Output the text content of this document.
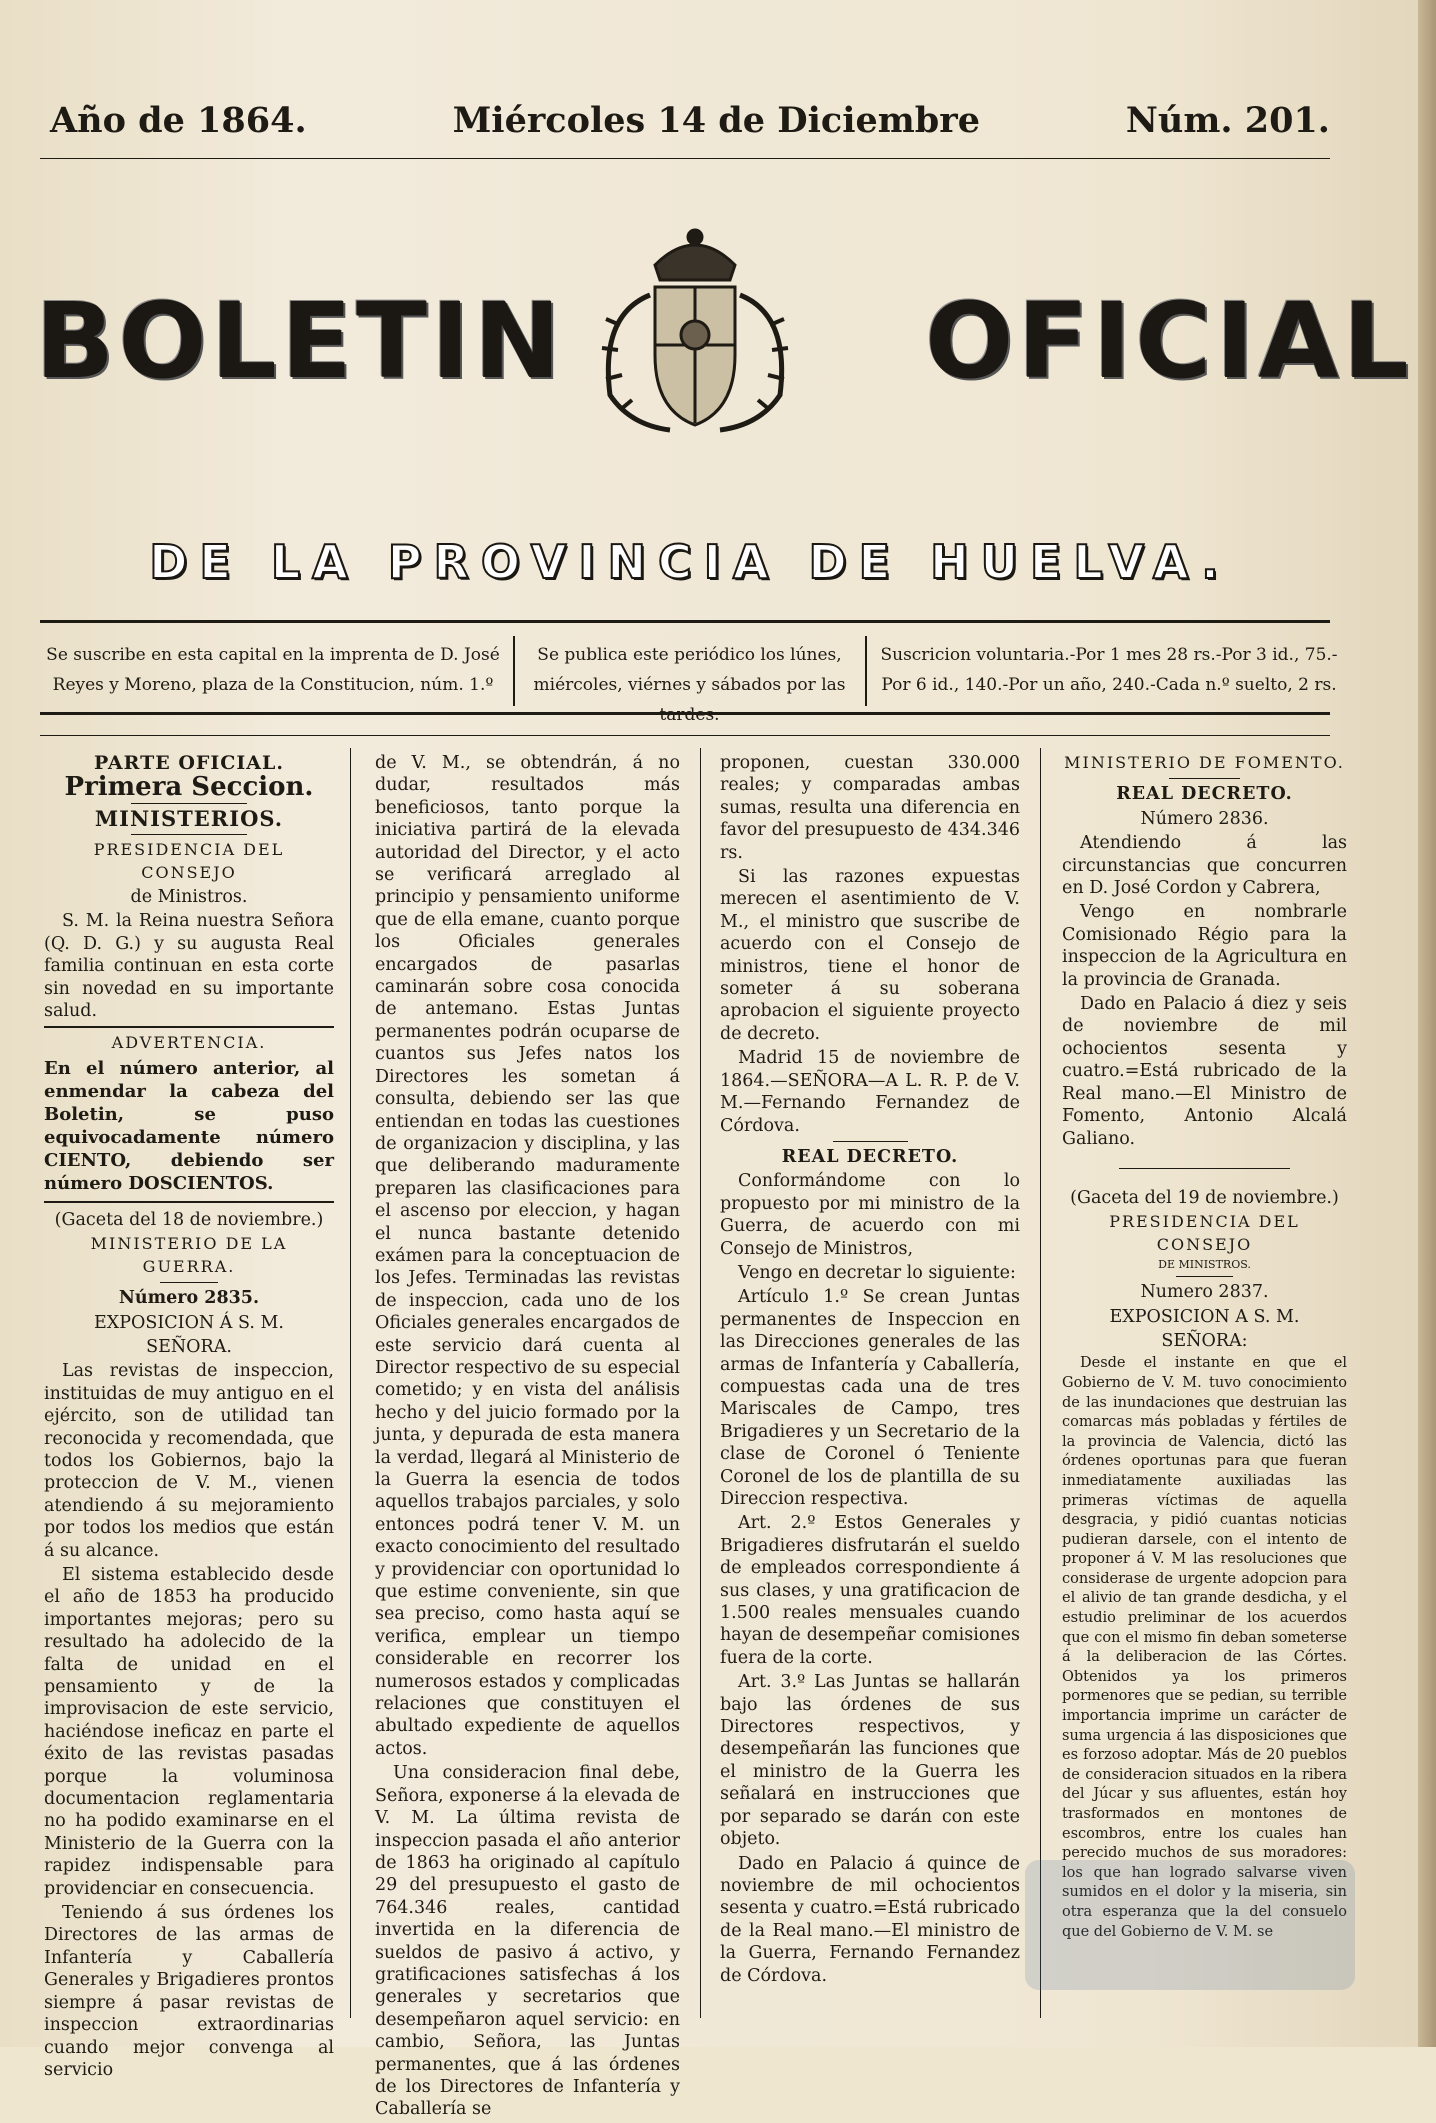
Año de 1864.	Miércoles 14 de Diciembre	Núm. 201.
BOLETIN	OFICIAL
DE LA PROVINCIA DE HUELVA.
Se suscribe en esta capital en la imprenta de D. José Reyes y Moreno, plaza de la Constitucion, núm. 1.º
Se publica este periódico los lúnes, miércoles, viérnes y sábados por las tardes.
Suscricion voluntaria.-Por 1 mes 28 rs.-Por 3 id., 75.-Por 6 id., 140.-Por un año, 240.-Cada n.º suelto, 2 rs.

PARTE OFICIAL.

Primera Seccion.

MINISTERIOS.

PRESIDENCIA DEL CONSEJO

de Ministros.

S. M. la Reina nuestra Señora (Q. D. G.) y su augusta Real familia continuan en esta corte sin novedad en su importante salud.

ADVERTENCIA.

En el número anterior, al enmendar la cabeza del Boletin, se puso equivocadamente número CIENTO, debiendo ser número DOSCIENTOS.

(Gaceta del 18 de noviembre.)

MINISTERIO DE LA GUERRA.

Número 2835.

EXPOSICION Á S. M.

SEÑORA.

Las revistas de inspeccion, instituidas de muy antiguo en el ejército, son de utilidad tan reconocida y recomendada, que todos los Gobiernos, bajo la proteccion de V. M., vienen atendiendo á su mejoramiento por todos los medios que están á su alcance.

El sistema establecido desde el año de 1853 ha producido importantes mejoras; pero su resultado ha adolecido de la falta de unidad en el pensamiento y de la improvisacion de este servicio, haciéndose ineficaz en parte el éxito de las revistas pasadas porque la voluminosa documentacion reglamentaria no ha podido examinarse en el Ministerio de la Guerra con la rapidez indispensable para providenciar en consecuencia.

Teniendo á sus órdenes los Directores de las armas de Infantería y Caballería Generales y Brigadieres prontos siempre á pasar revistas de inspeccion extraordinarias cuando mejor convenga al servicio

de V. M., se obtendrán, á no dudar, resultados más beneficiosos, tanto porque la iniciativa partirá de la elevada autoridad del Director, y el acto se verificará arreglado al principio y pensamiento uniforme que de ella emane, cuanto porque los Oficiales generales encargados de pasarlas caminarán sobre cosa conocida de antemano. Estas Juntas permanentes podrán ocuparse de cuantos sus Jefes natos los Directores les sometan á consulta, debiendo ser las que entiendan en todas las cuestiones de organizacion y disciplina, y las que deliberando maduramente preparen las clasificaciones para el ascenso por eleccion, y hagan el nunca bastante detenido exámen para la conceptuacion de los Jefes. Terminadas las revistas de inspeccion, cada uno de los Oficiales generales encargados de este servicio dará cuenta al Director respectivo de su especial cometido; y en vista del análisis hecho y del juicio formado por la junta, y depurada de esta manera la verdad, llegará al Ministerio de la Guerra la esencia de todos aquellos trabajos parciales, y solo entonces podrá tener V. M. un exacto conocimiento del resultado y providenciar con oportunidad lo que estime conveniente, sin que sea preciso, como hasta aquí se verifica, emplear un tiempo considerable en recorrer los numerosos estados y complicadas relaciones que constituyen el abultado expediente de aquellos actos.

Una consideracion final debe, Señora, exponerse á la elevada de V. M. La última revista de inspeccion pasada el año anterior de 1863 ha originado al capítulo 29 del presupuesto el gasto de 764.346 reales, cantidad invertida en la diferencia de sueldos de pasivo á activo, y gratificaciones satisfechas á los generales y secretarios que desempeñaron aquel servicio: en cambio, Señora, las Juntas permanentes, que á las órdenes de los Directores de Infantería y Caballería se

proponen, cuestan 330.000 reales; y comparadas ambas sumas, resulta una diferencia en favor del presupuesto de 434.346 rs.

Si las razones expuestas merecen el asentimiento de V. M., el ministro que suscribe de acuerdo con el Consejo de ministros, tiene el honor de someter á su soberana aprobacion el siguiente proyecto de decreto.

Madrid 15 de noviembre de 1864.—SEÑORA—A L. R. P. de V. M.—Fernando Fernandez de Córdova.

REAL DECRETO.

Conformándome con lo propuesto por mi ministro de la Guerra, de acuerdo con mi Consejo de Ministros,

Vengo en decretar lo siguiente:

Artículo 1.º Se crean Juntas permanentes de Inspeccion en las Direcciones generales de las armas de Infantería y Caballería, compuestas cada una de tres Mariscales de Campo, tres Brigadieres y un Secretario de la clase de Coronel ó Teniente Coronel de los de plantilla de su Direccion respectiva.

Art. 2.º Estos Generales y Brigadieres disfrutarán el sueldo de empleados correspondiente á sus clases, y una gratificacion de 1.500 reales mensuales cuando hayan de desempeñar comisiones fuera de la corte.

Art. 3.º Las Juntas se hallarán bajo las órdenes de sus Directores respectivos, y desempeñarán las funciones que el ministro de la Guerra les señalará en instrucciones que por separado se darán con este objeto.

Dado en Palacio á quince de noviembre de mil ochocientos sesenta y cuatro.=Está rubricado de la Real mano.—El ministro de la Guerra, Fernando Fernandez de Córdova.

MINISTERIO DE FOMENTO.

REAL DECRETO.

Número 2836.

Atendiendo á las circunstancias que concurren en D. José Cordon y Cabrera,

Vengo en nombrarle Comisionado Régio para la inspeccion de la Agricultura en la provincia de Granada.

Dado en Palacio á diez y seis de noviembre de mil ochocientos sesenta y cuatro.=Está rubricado de la Real mano.—El Ministro de Fomento, Antonio Alcalá Galiano.

(Gaceta del 19 de noviembre.)

PRESIDENCIA DEL CONSEJO

DE MINISTROS.

Numero 2837.

EXPOSICION A S. M.

SEÑORA:

Desde el instante en que el Gobierno de V. M. tuvo conocimiento de las inundaciones que destruian las comarcas más pobladas y fértiles de la provincia de Valencia, dictó las órdenes oportunas para que fueran inmediatamente auxiliadas las primeras víctimas de aquella desgracia, y pidió cuantas noticias pudieran darsele, con el intento de proponer á V. M las resoluciones que considerase de urgente adopcion para el alivio de tan grande desdicha, y el estudio preliminar de los acuerdos que con el mismo fin deban someterse á la deliberacion de las Córtes. Obtenidos ya los primeros pormenores que se pedian, su terrible importancia imprime un carácter de suma urgencia á las disposiciones que es forzoso adoptar. Más de 20 pueblos de consideracion situados en la ribera del Júcar y sus afluentes, están hoy trasformados en montones de escombros, entre los cuales han perecido muchos de sus moradores: los que han logrado salvarse viven sumidos en el dolor y la miseria, sin otra esperanza que la del consuelo que del Gobierno de V. M. se
